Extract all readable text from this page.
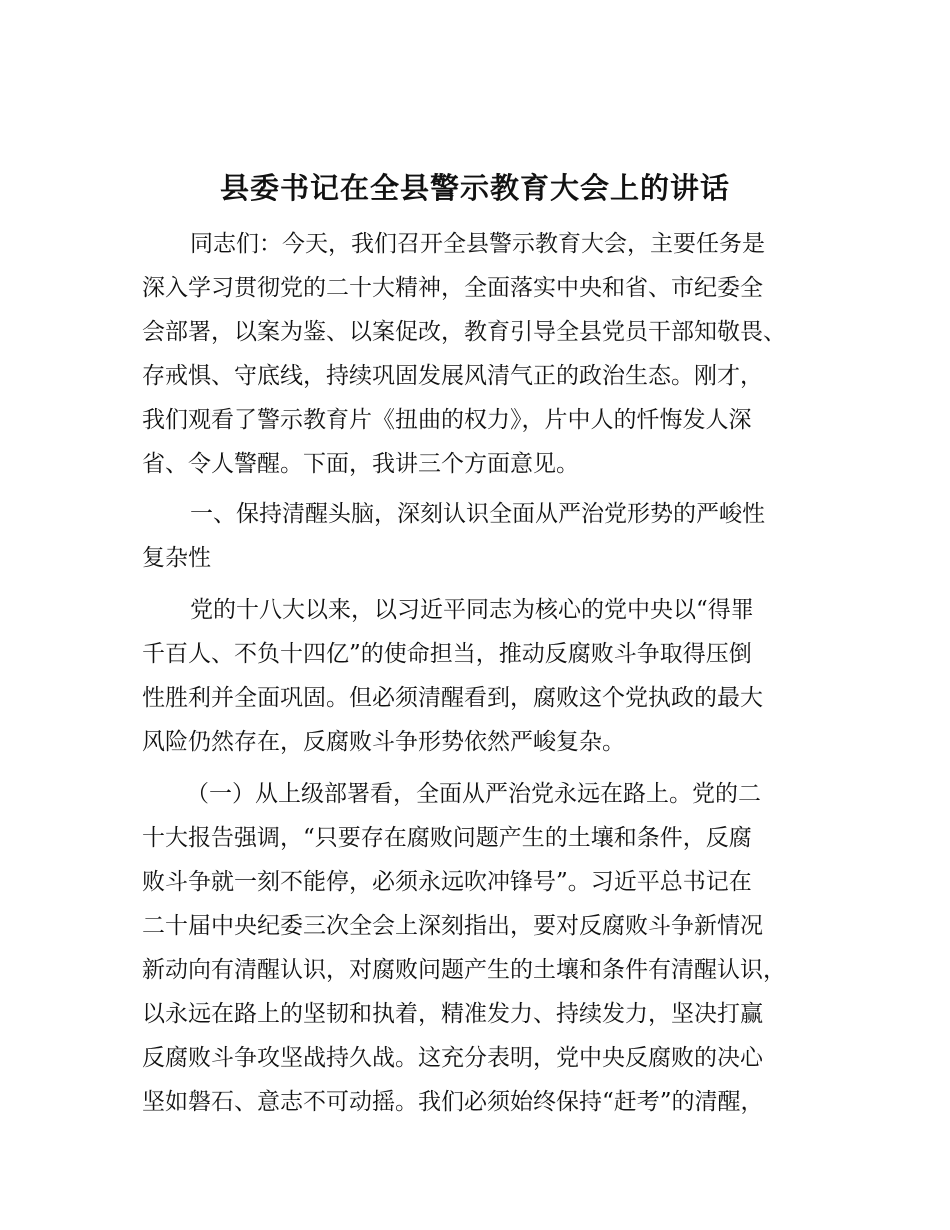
县委书记在全县警示教育大会上的讲话
同志们：今天，我们召开全县警示教育大会，主要任务是
深入学习贯彻党的二十大精神，全面落实中央和省、市纪委全
会部署，以案为鉴、以案促改，教育引导全县党员干部知敬畏、
存戒惧、守底线，持续巩固发展风清气正的政治生态。刚才，
我们观看了警示教育片《扭曲的权力》，片中人的忏悔发人深
省、令人警醒。下面，我讲三个方面意见。
一、保持清醒头脑，深刻认识全面从严治党形势的严峻性
复杂性
党的十八大以来，以习近平同志为核心的党中央以“得罪
千百人、不负十四亿”的使命担当，推动反腐败斗争取得压倒
性胜利并全面巩固。但必须清醒看到，腐败这个党执政的最大
风险仍然存在，反腐败斗争形势依然严峻复杂。
（一）从上级部署看，全面从严治党永远在路上。党的二
十大报告强调，“只要存在腐败问题产生的土壤和条件，反腐
败斗争就一刻不能停，必须永远吹冲锋号”。习近平总书记在
二十届中央纪委三次全会上深刻指出，要对反腐败斗争新情况
新动向有清醒认识，对腐败问题产生的土壤和条件有清醒认识，
以永远在路上的坚韧和执着，精准发力、持续发力，坚决打赢
反腐败斗争攻坚战持久战。这充分表明，党中央反腐败的决心
坚如磐石、意志不可动摇。我们必须始终保持“赶考”的清醒，
